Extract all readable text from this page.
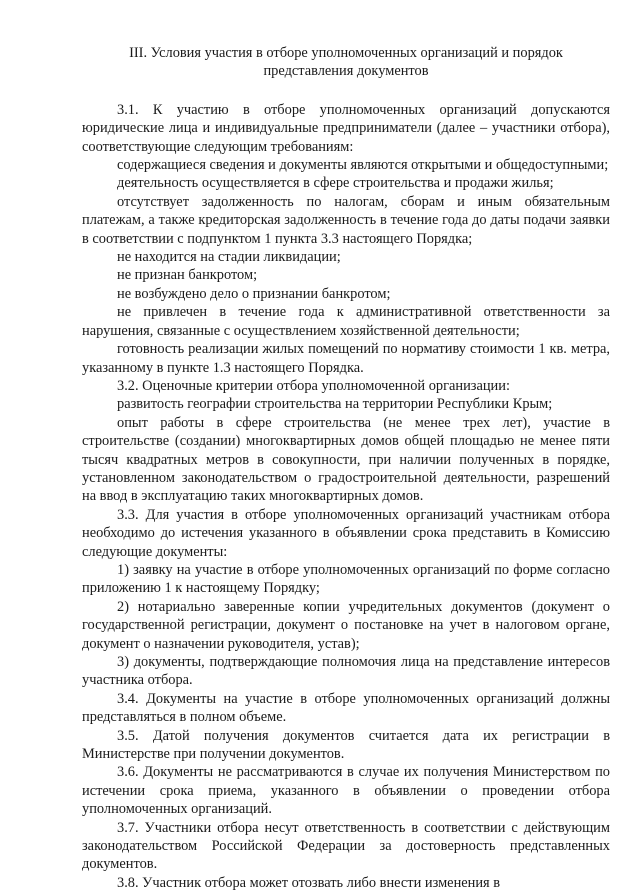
III. Условия участия в отборе уполномоченных организаций и порядок представления документов

3.1. К участию в отборе уполномоченных организаций допускаются юридические лица и индивидуальные предприниматели (далее – участники отбора), соответствующие следующим требованиям:

содержащиеся сведения и документы являются открытыми и общедоступными;

деятельность осуществляется в сфере строительства и продажи жилья;

отсутствует задолженность по налогам, сборам и иным обязательным платежам, а также кредиторская задолженность в течение года до даты подачи заявки в соответствии с подпунктом 1 пункта 3.3 настоящего Порядка;

не находится на стадии ликвидации;

не признан банкротом;

не возбуждено дело о признании банкротом;

не привлечен в течение года к административной ответственности за нарушения, связанные с осуществлением хозяйственной деятельности;

готовность реализации жилых помещений по нормативу стоимости 1 кв. метра, указанному в пункте 1.3 настоящего Порядка.

3.2. Оценочные критерии отбора уполномоченной организации:

развитость географии строительства на территории Республики Крым;

опыт работы в сфере строительства (не менее трех лет), участие в строительстве (создании) многоквартирных домов общей площадью не менее пяти тысяч квадратных метров в совокупности, при наличии полученных в порядке, установленном законодательством о градостроительной деятельности, разрешений на ввод в эксплуатацию таких многоквартирных домов.

3.3. Для участия в отборе уполномоченных организаций участникам отбора необходимо до истечения указанного в объявлении срока представить в Комиссию следующие документы:

1) заявку на участие в отборе уполномоченных организаций по форме согласно приложению 1 к настоящему Порядку;

2) нотариально заверенные копии учредительных документов (документ о государственной регистрации, документ о постановке на учет в налоговом органе, документ о назначении руководителя, устав);

3) документы, подтверждающие полномочия лица на представление интересов участника отбора.

3.4. Документы на участие в отборе уполномоченных организаций должны представляться в полном объеме.

3.5. Датой получения документов считается дата их регистрации в Министерстве при получении документов.

3.6. Документы не рассматриваются в случае их получения Министерством по истечении срока приема, указанного в объявлении о проведении отбора уполномоченных организаций.

3.7. Участники отбора несут ответственность в соответствии с действующим законодательством Российской Федерации за достоверность представленных документов.

3.8. Участник отбора может отозвать либо внести изменения в
